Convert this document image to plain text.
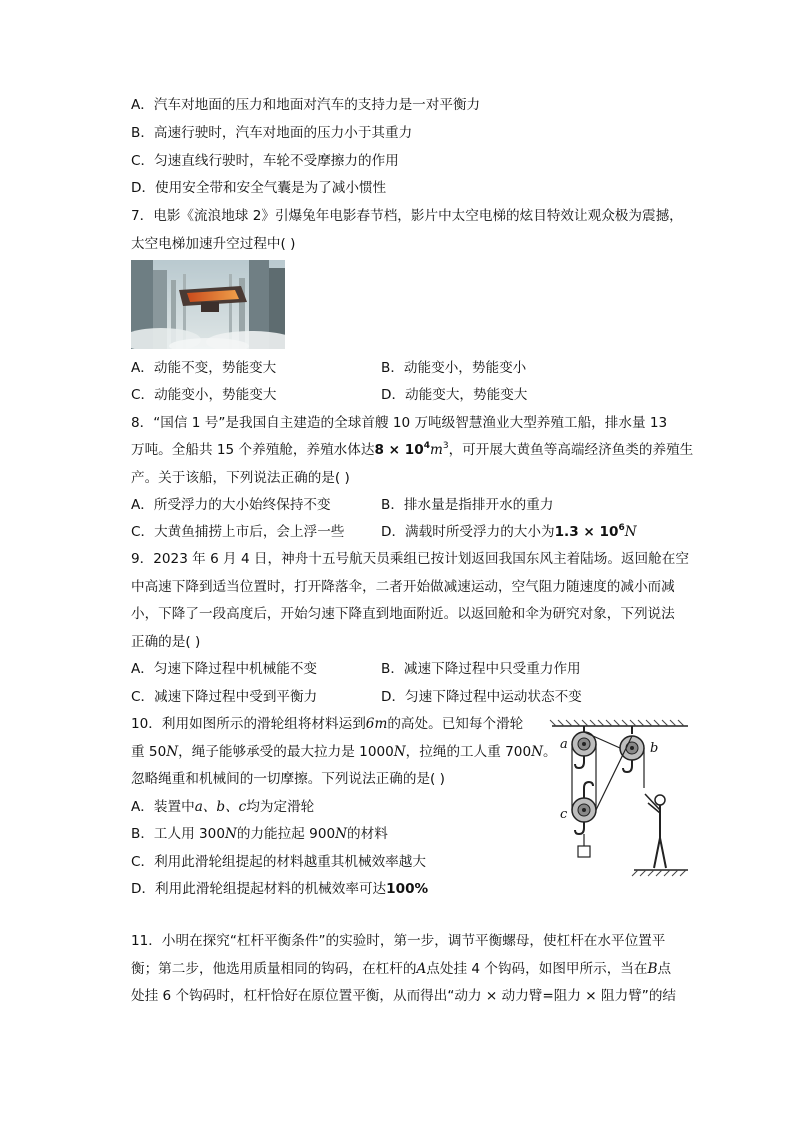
A．汽车对地面的压力和地面对汽车的支持力是一对平衡力
B．高速行驶时，汽车对地面的压力小于其重力
C．匀速直线行驶时，车轮不受摩擦力的作用
D．使用安全带和安全气囊是为了减小惯性
7．电影《流浪地球 2》引爆兔年电影春节档，影片中太空电梯的炫目特效让观众极为震撼，
太空电梯加速升空过程中( )
A．动能不变，势能变大	B．动能变小，势能变小
C．动能变小，势能变大	D．动能变大，势能变大
8．“国信 1 号”是我国自主建造的全球首艘 10 万吨级智慧渔业大型养殖工船，排水量 13
万吨。全船共 15 个养殖舱，养殖水体达$8 \times 10^4m^3$，可开展大黄鱼等高端经济鱼类的养殖生
产。关于该船，下列说法正确的是( )
A．所受浮力的大小始终保持不变	B．排水量是指排开水的重力
C．大黄鱼捕捞上市后，会上浮一些	D．满载时所受浮力的大小为$1.3 \times 10^6N$
9．2023 年 6 月 4 日，神舟十五号航天员乘组已按计划返回我国东风主着陆场。返回舱在空
中高速下降到适当位置时，打开降落伞，二者开始做减速运动，空气阻力随速度的减小而减
小，下降了一段高度后，开始匀速下降直到地面附近。以返回舱和伞为研究对象，下列说法
正确的是( )
A．匀速下降过程中机械能不变	B．减速下降过程中只受重力作用
C．减速下降过程中受到平衡力	D．匀速下降过程中运动状态不变
10．利用如图所示的滑轮组将材料运到6m的高处。已知每个滑轮
重 50N，绳子能够承受的最大拉力是 1000N，拉绳的工人重 700N。
忽略绳重和机械间的一切摩擦。下列说法正确的是( )
A．装置中a、b、c均为定滑轮
B．工人用 300N的力能拉起 900N的材料
C．利用此滑轮组提起的材料越重其机械效率越大
D．利用此滑轮组提起材料的机械效率可达100%
a	b
c
11．小明在探究“杠杆平衡条件”的实验时，第一步，调节平衡螺母，使杠杆在水平位置平
衡；第二步，他选用质量相同的钩码，在杠杆的A点处挂 4 个钩码，如图甲所示，当在B点
处挂 6 个钩码时，杠杆恰好在原位置平衡，从而得出“动力 × 动力臂=阻力 × 阻力臂”的结
